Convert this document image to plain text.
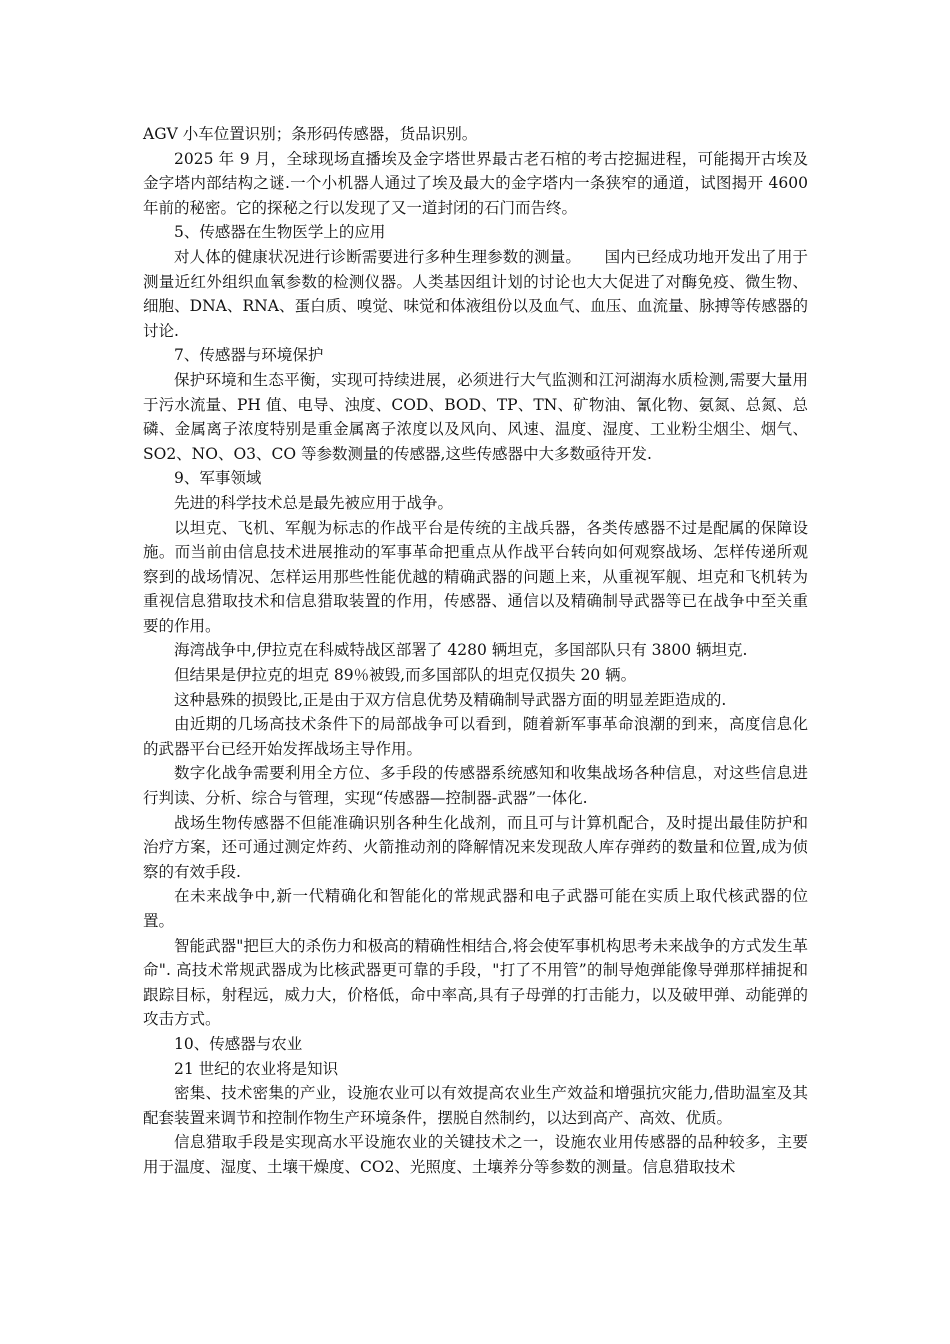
AGV 小车位置识别；条形码传感器，货品识别。

2025 年 9 月，全球现场直播埃及金字塔世界最古老石棺的考古挖掘进程，可能揭开古埃及金字塔内部结构之谜.一个小机器人通过了埃及最大的金字塔内一条狭窄的通道，试图揭开 4600 年前的秘密。它的探秘之行以发现了又一道封闭的石门而告终。

5、传感器在生物医学上的应用

对人体的健康状况进行诊断需要进行多种生理参数的测量。　　国内已经成功地开发出了用于测量近红外组织血氧参数的检测仪器。人类基因组计划的讨论也大大促进了对酶免疫、微生物、细胞、DNA、RNA、蛋白质、嗅觉、味觉和体液组份以及血气、血压、血流量、脉搏等传感器的讨论.

7、传感器与环境保护

保护环境和生态平衡，实现可持续进展，必须进行大气监测和江河湖海水质检测,需要大量用于污水流量、PH 值、电导、浊度、COD、BOD、TP、TN、矿物油、氰化物、氨氮、总氮、总磷、金属离子浓度特别是重金属离子浓度以及风向、风速、温度、湿度、工业粉尘烟尘、烟气、SO2、NO、O3、CO 等参数测量的传感器,这些传感器中大多数亟待开发.

9、军事领域

先进的科学技术总是最先被应用于战争。

以坦克、飞机、军舰为标志的作战平台是传统的主战兵器，各类传感器不过是配属的保障设施。而当前由信息技术进展推动的军事革命把重点从作战平台转向如何观察战场、怎样传递所观察到的战场情况、怎样运用那些性能优越的精确武器的问题上来，从重视军舰、坦克和飞机转为重视信息猎取技术和信息猎取装置的作用，传感器、通信以及精确制导武器等已在战争中至关重要的作用。

海湾战争中,伊拉克在科威特战区部署了 4280 辆坦克，多国部队只有 3800 辆坦克.

但结果是伊拉克的坦克 89％被毁,而多国部队的坦克仅损失 20 辆。

这种悬殊的损毁比,正是由于双方信息优势及精确制导武器方面的明显差距造成的.

由近期的几场高技术条件下的局部战争可以看到，随着新军事革命浪潮的到来，高度信息化的武器平台已经开始发挥战场主导作用。

数字化战争需要利用全方位、多手段的传感器系统感知和收集战场各种信息，对这些信息进行判读、分析、综合与管理，实现“传感器—控制器-武器”一体化.

战场生物传感器不但能准确识别各种生化战剂，而且可与计算机配合，及时提出最佳防护和治疗方案，还可通过测定炸药、火箭推动剂的降解情况来发现敌人库存弹药的数量和位置,成为侦察的有效手段.

在未来战争中,新一代精确化和智能化的常规武器和电子武器可能在实质上取代核武器的位置。

智能武器"把巨大的杀伤力和极高的精确性相结合,将会使军事机构思考未来战争的方式发生革命". 高技术常规武器成为比核武器更可靠的手段，"打了不用管”的制导炮弹能像导弹那样捕捉和跟踪目标，射程远，威力大，价格低，命中率高,具有子母弹的打击能力，以及破甲弹、动能弹的攻击方式。

10、传感器与农业

21 世纪的农业将是知识

密集、技术密集的产业，设施农业可以有效提高农业生产效益和增强抗灾能力,借助温室及其配套装置来调节和控制作物生产环境条件，摆脱自然制约，以达到高产、高效、优质。

信息猎取手段是实现高水平设施农业的关键技术之一，设施农业用传感器的品种较多，主要用于温度、湿度、土壤干燥度、CO2、光照度、土壤养分等参数的测量。信息猎取技术
